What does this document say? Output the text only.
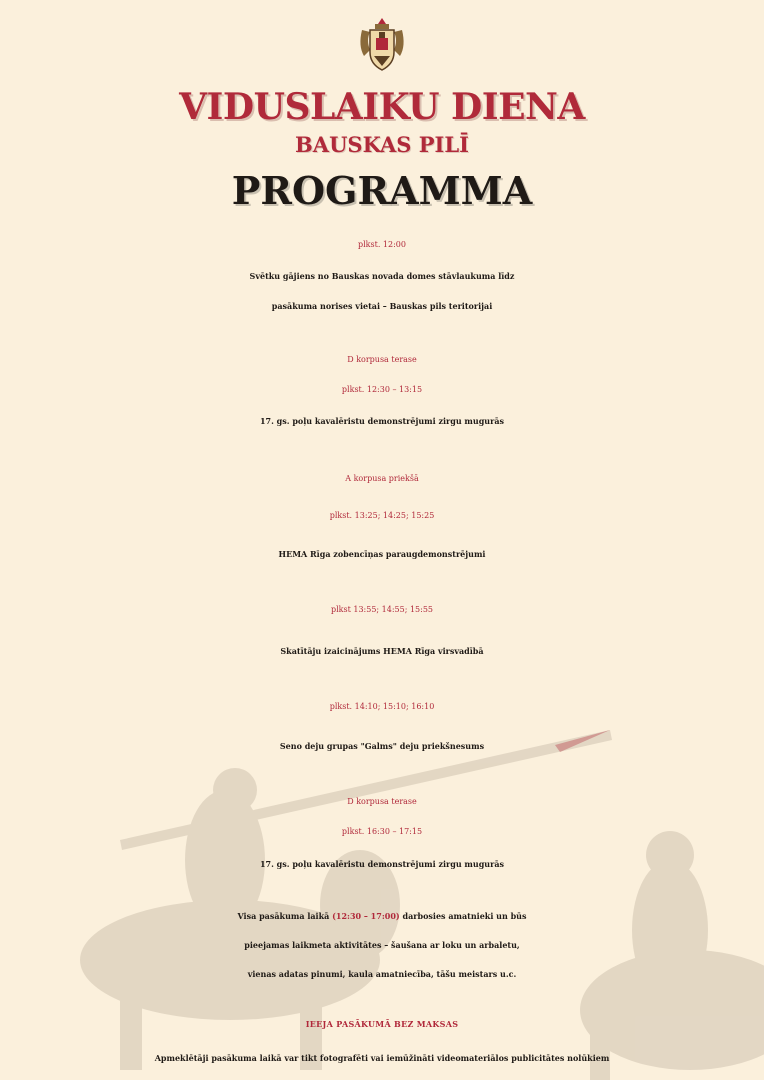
VIDUSLAIKU DIENA
BAUSKAS PILĪ
PROGRAMMA
plkst. 12:00
Svētku gājiens no Bauskas novada domes stāvlaukuma līdz
pasākuma norises vietai – Bauskas pils teritorijai
D korpusa terase
plkst. 12:30 – 13:15
17. gs. poļu kavalēristu demonstrējumi zirgu mugurās
A korpusa priekšā
plkst. 13:25; 14:25; 15:25
HEMA Rīga zobencīņas paraugdemonstrējumi
plkst 13:55; 14:55; 15:55
Skatītāju izaicinājums HEMA Rīga virsvadībā
plkst. 14:10; 15:10; 16:10
Seno deju grupas "Galms" deju priekšnesums
D korpusa terase
plkst. 16:30 – 17:15
17. gs. poļu kavalēristu demonstrējumi zirgu mugurās
Visa pasākuma laikā (12:30 – 17:00) darbosies amatnieki un būs
pieejamas laikmeta aktivitātes – šaušana ar loku un arbaletu,
vienas adatas pinumi, kaula amatniecība, tāšu meistars u.c.
IEEJA PASĀKUMĀ BEZ MAKSAS
Apmeklētāji pasākuma laikā var tikt fotografēti vai iemūžināti videomateriālos publicitātes nolūkiem
